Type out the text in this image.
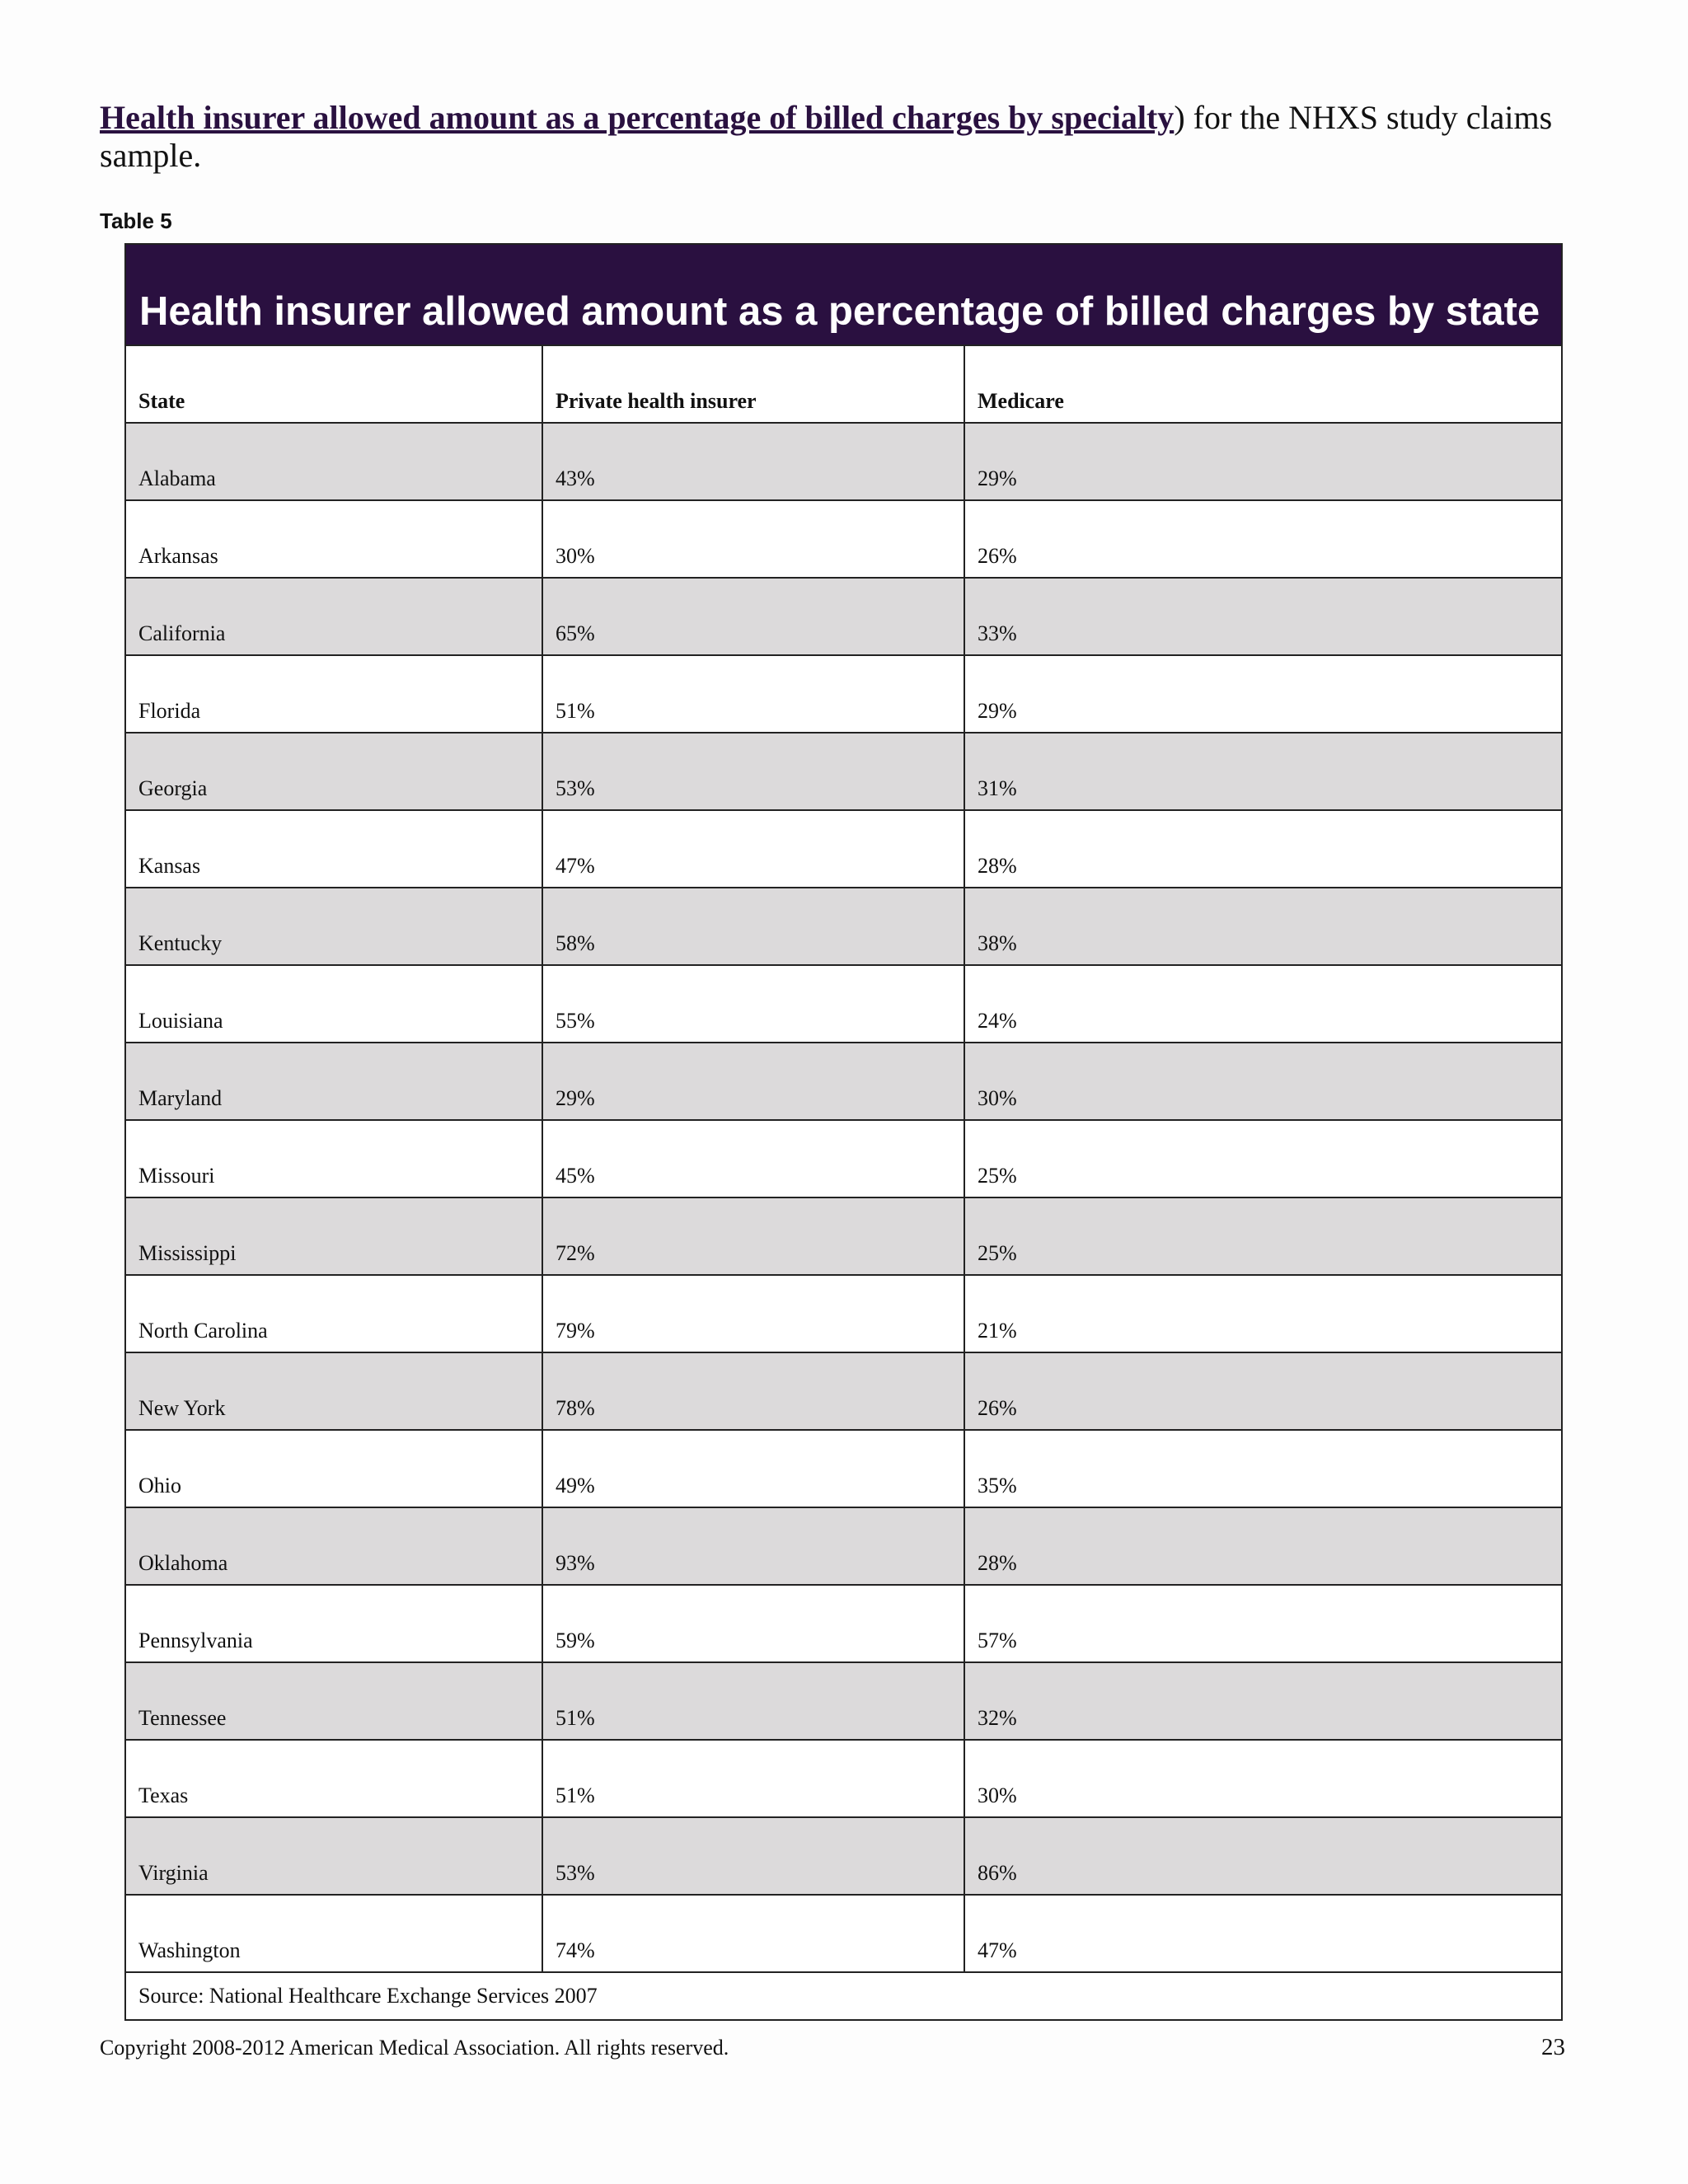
Health insurer allowed amount as a percentage of billed charges by specialty) for the NHXS study claims sample.
Table 5
Health insurer allowed amount as a percentage of billed charges by state
State	Private health insurer	Medicare
Alabama	43%	29%
Arkansas	30%	26%
California	65%	33%
Florida	51%	29%
Georgia	53%	31%
Kansas	47%	28%
Kentucky	58%	38%
Louisiana	55%	24%
Maryland	29%	30%
Missouri	45%	25%
Mississippi	72%	25%
North Carolina	79%	21%
New York	78%	26%
Ohio	49%	35%
Oklahoma	93%	28%
Pennsylvania	59%	57%
Tennessee	51%	32%
Texas	51%	30%
Virginia	53%	86%
Washington	74%	47%
Source: National Healthcare Exchange Services 2007
Copyright 2008-2012 American Medical Association. All rights reserved.	23
